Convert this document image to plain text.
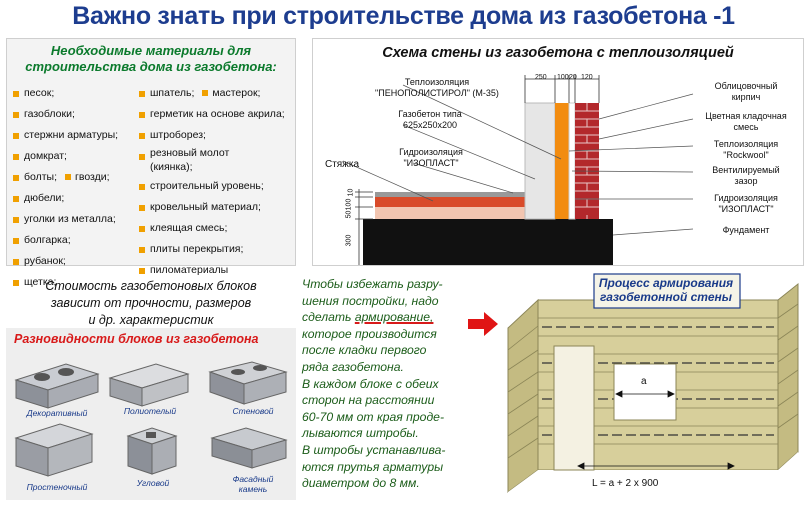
Важно знать при строительстве дома из газобетона -1
Необходимые материалы для
строительства дома из газобетона:
песок;
газоблоки;
стержни арматуры;
домкрат;
болты; гвозди;
дюбели;
уголки из металла;
болгарка;
рубанок;
щетка;
шпатель; мастерок;
герметик на основе акрила;
штроборез;
резновый молот
(киянка);
строительный уровень;
кровельный материал;
клеящая смесь;
плиты перекрытия;
пиломатериалы
Схема стены из газобетона с теплоизоляцией
250 100 20 120
300
50
100
10
Теплоизоляция
"ПЕНОПОЛИСТИРОЛ" (М-35)
Газобетон типа
625x250x200
Гидроизоляция
"ИЗОПЛАСТ"
Стяжка
Облицовочный
кирпич
Цветная кладочная
смесь
Теплоизоляция
"Rockwool"
Вентилируемый
зазор
Гидроизоляция
"ИЗОПЛАСТ"
Фундамент
Стоимость газобетоновых блоков
зависит от прочности, размеров
и др. характеристик
Разновидности блоков из газобетона
Декоративный	Полиотелый	Стеновой
Простеночный	Угловой	Фасадный
камень
Чтобы избежать разру-
шения постройки, надо
сделать армирование,
которое производится
после кладки первого
ряда газобетона.
В каждом блоке с обеих
сторон на расстоянии
60-70 мм от края проде-
лываются штробы.
В штробы устанавлива-
ются прутья арматуры
диаметром до 8 мм.
Процесс армирования
газобетонной стены
a
L = a + 2 x 900
